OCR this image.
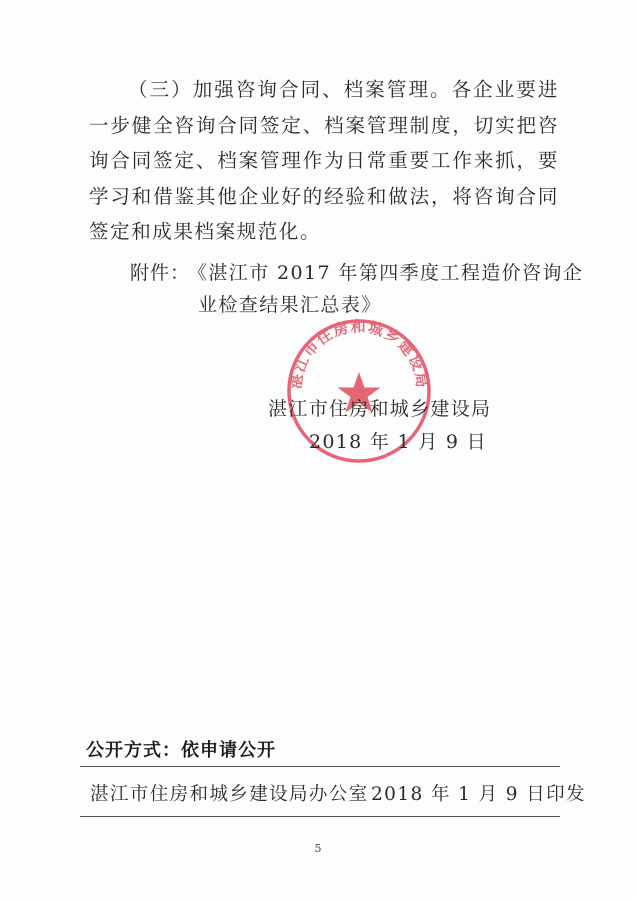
（三）加强咨询合同、档案管理。各企业要进一步健全咨询合同签定、档案管理制度，切实把咨询合同签定、档案管理作为日常重要工作来抓，要学习和借鉴其他企业好的经验和做法，将咨询合同签定和成果档案规范化。

附件：
《湛江市 2017 年第四季度工程造价咨询企
业检查结果汇总表》
湛江市住房和城乡建设局
湛江市住房和城乡建设局
2018 年 1 月 9 日
公开方式：依申请公开
湛江市住房和城乡建设局办公室 2018 年 1 月 9 日印发
5
